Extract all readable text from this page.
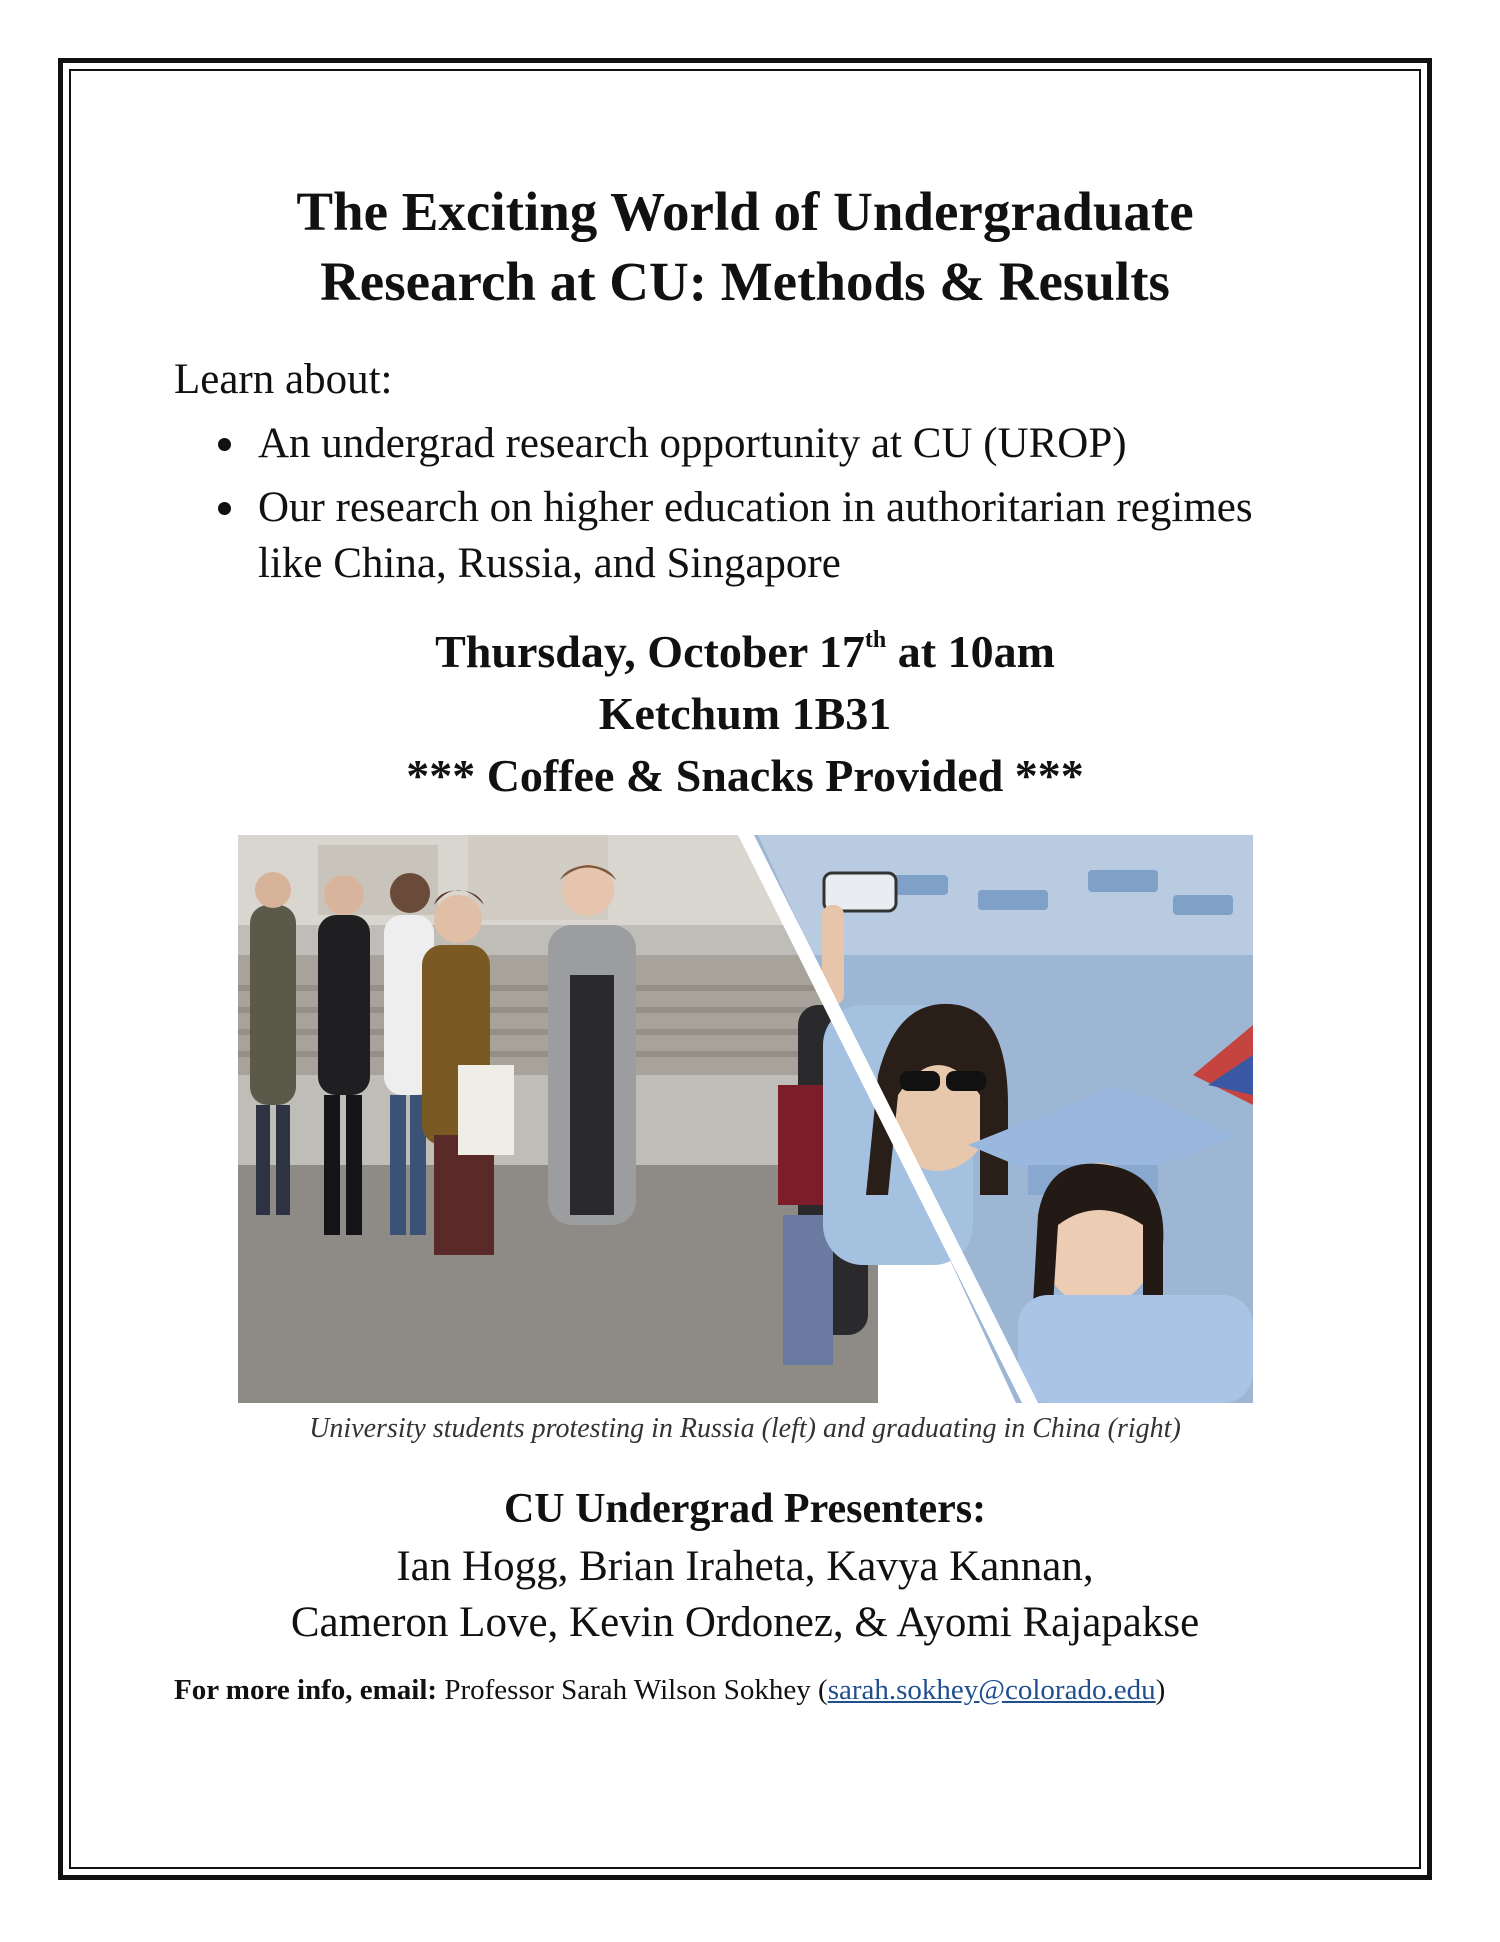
The Exciting World of Undergraduate
Research at CU: Methods & Results
Learn about:
An undergrad research opportunity at CU (UROP)
Our research on higher education in authoritarian regimes like China, Russia, and Singapore
Thursday, October 17th at 10am
Ketchum 1B31
*** Coffee & Snacks Provided ***
University students protesting in Russia (left) and graduating in China (right)
CU Undergrad Presenters:
Ian Hogg, Brian Iraheta, Kavya Kannan,
Cameron Love, Kevin Ordonez, & Ayomi Rajapakse
For more info, email: Professor Sarah Wilson Sokhey (sarah.sokhey@colorado.edu)
